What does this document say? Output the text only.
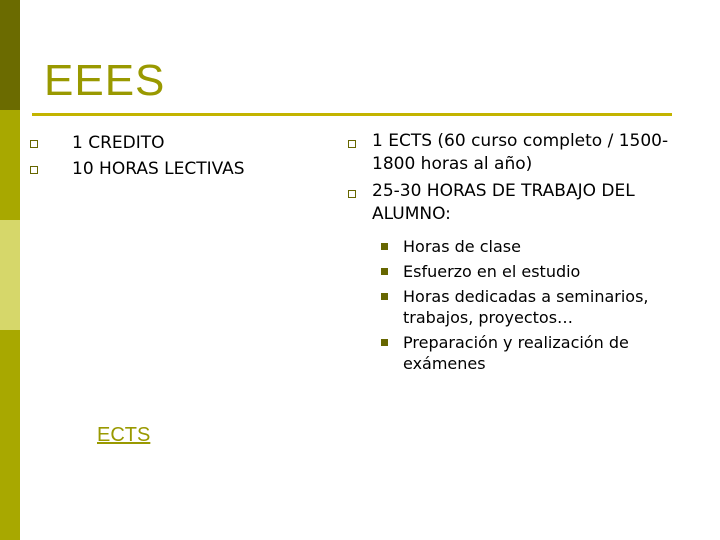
EEES
1 CREDITO
10 HORAS LECTIVAS
1 ECTS (60 curso completo / 1500-1800 horas al año)
25-30 HORAS DE TRABAJO DEL ALUMNO:
Horas de clase
Esfuerzo en el estudio
Horas dedicadas a seminarios, trabajos, proyectos…
Preparación y realización de exámenes
ECTS
